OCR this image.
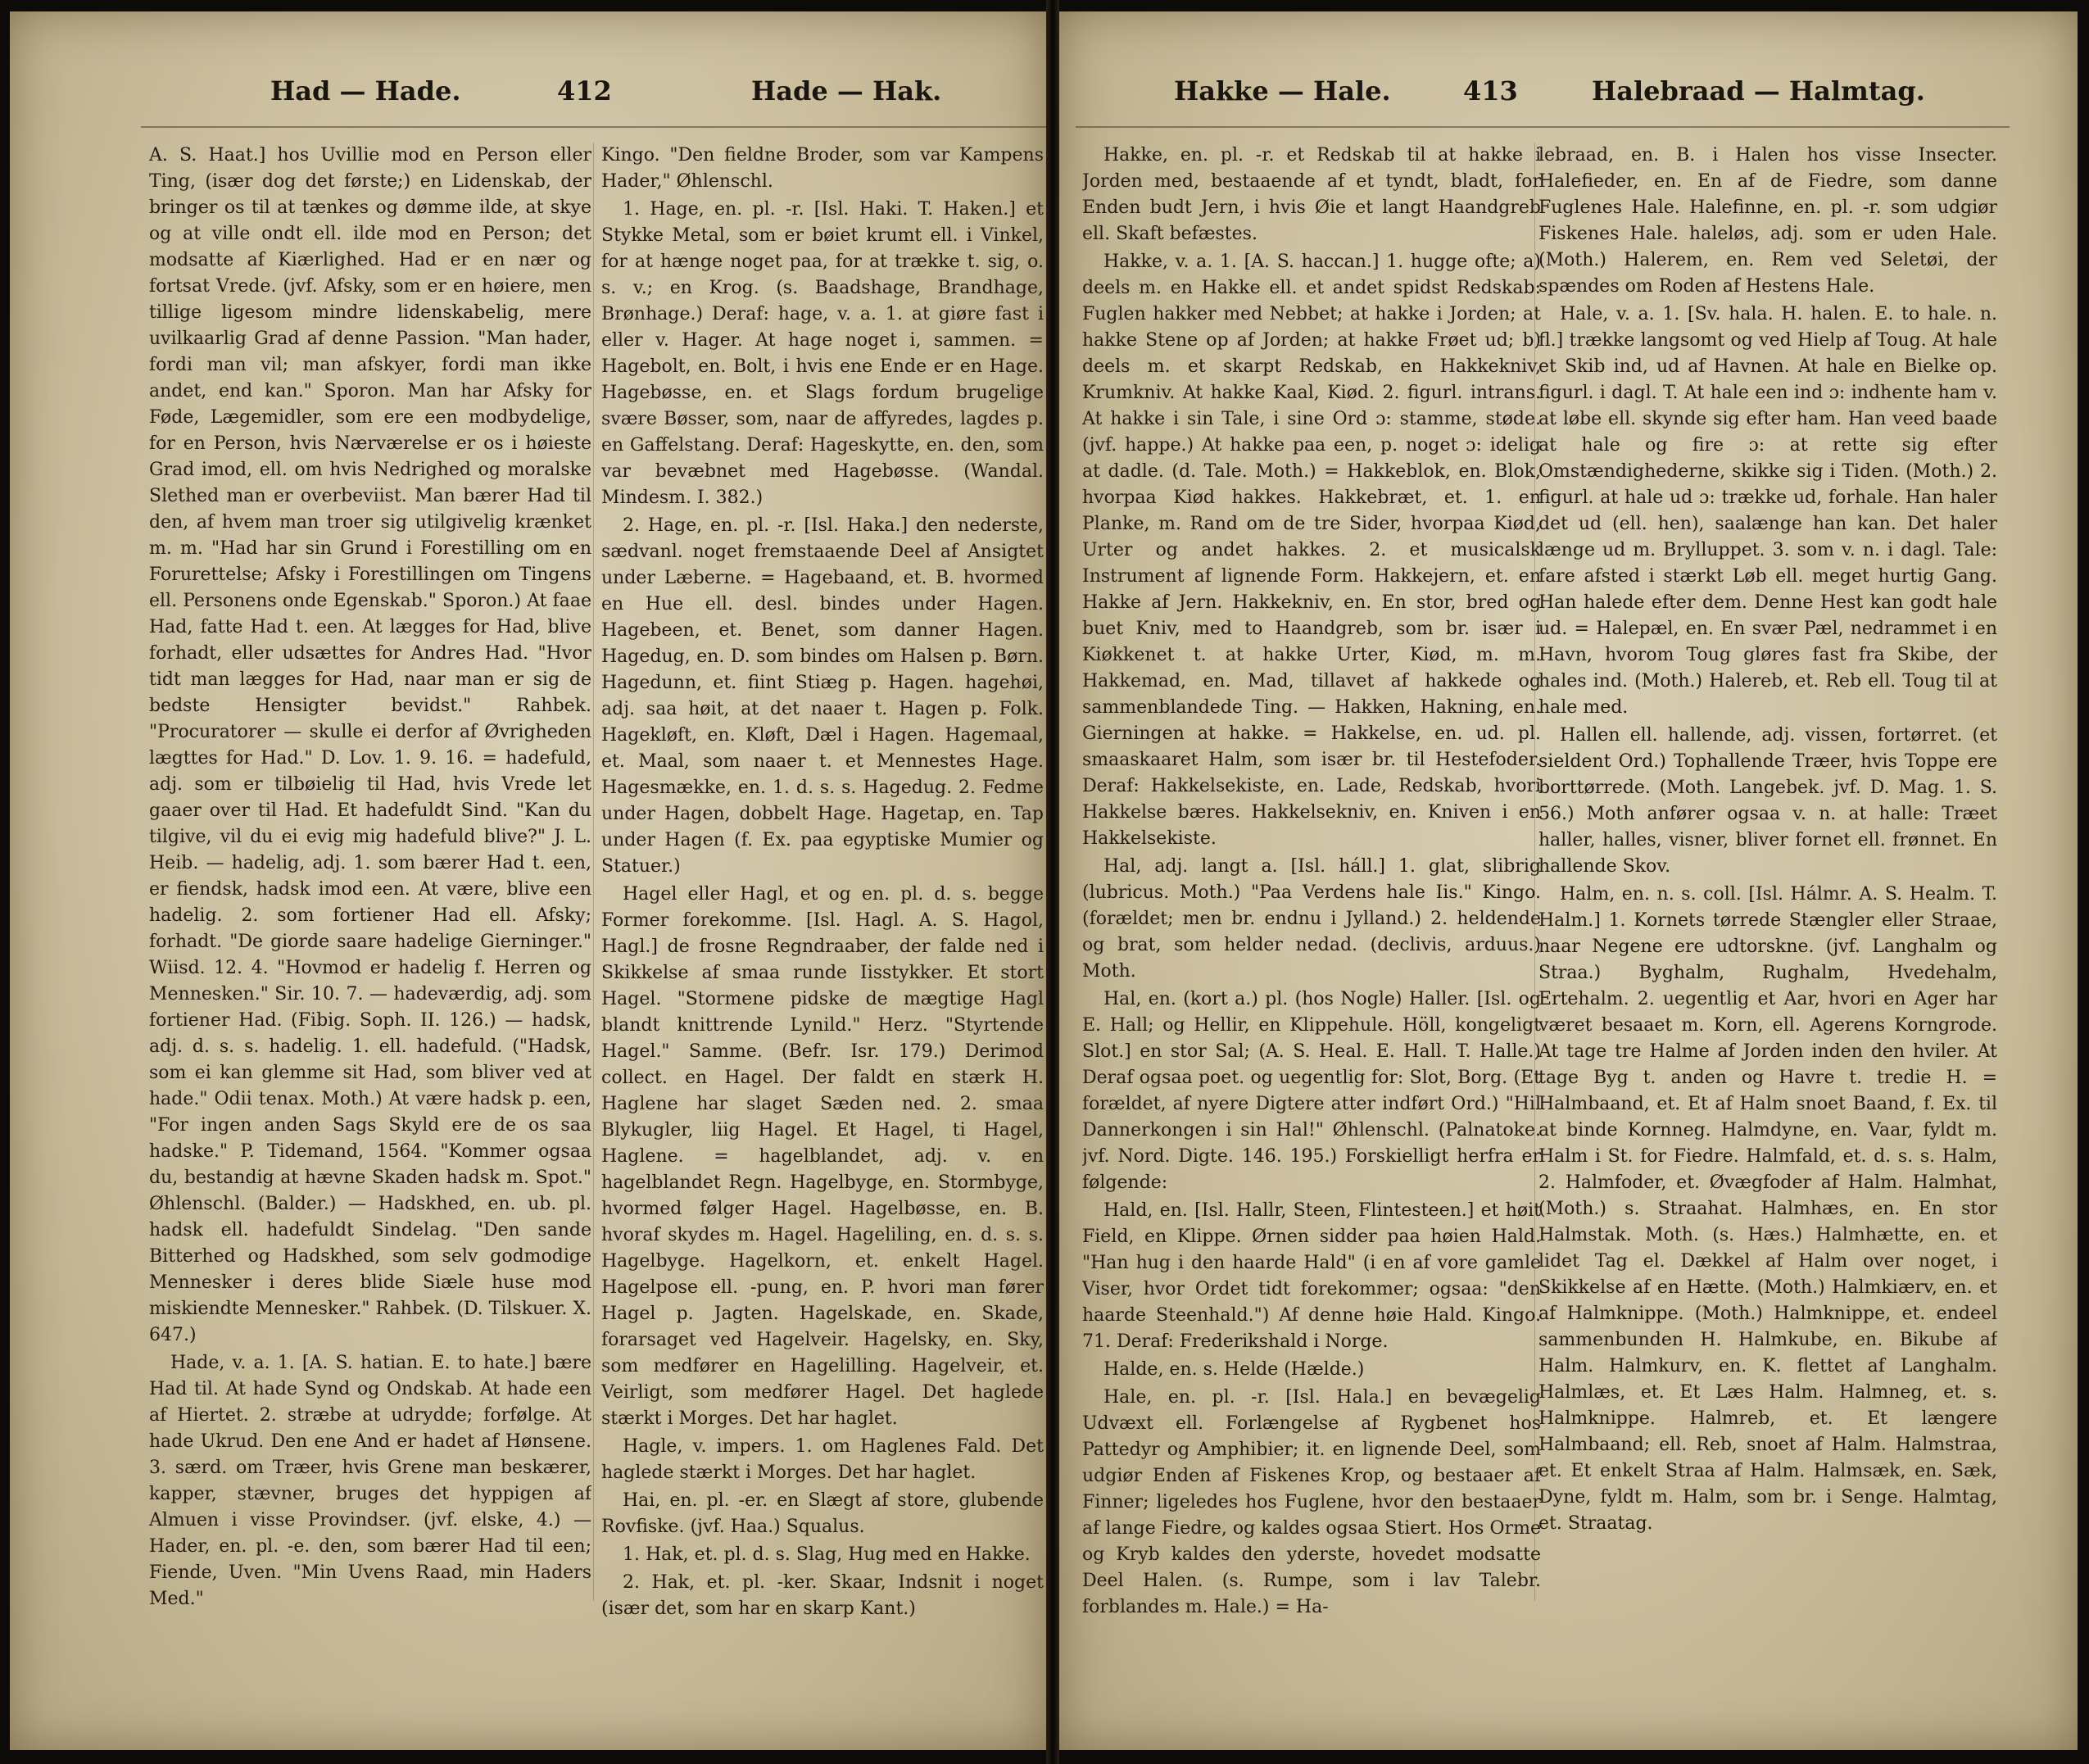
Had — Hade.	412	Hade — Hak.

A. S. Haat.] hos Uvillie mod en Person eller Ting, (især dog det første;) en Lidenskab, der bringer os til at tænkes og dømme ilde, at skye og at ville ondt ell. ilde mod en Person; det modsatte af Kiærlighed. Had er en nær og fortsat Vrede. (jvf. Afsky, som er en høiere, men tillige ligesom mindre lidenskabelig, mere uvilkaarlig Grad af denne Passion. "Man hader, fordi man vil; man afskyer, fordi man ikke andet, end kan." Sporon. Man har Afsky for Føde, Lægemidler, som ere een modbydelige, for en Person, hvis Nærværelse er os i høieste Grad imod, ell. om hvis Nedrighed og moralske Slethed man er overbeviist. Man bærer Had til den, af hvem man troer sig utilgivelig krænket m. m. "Had har sin Grund i Forestilling om en Forurettelse; Afsky i Forestillingen om Tingens ell. Personens onde Egenskab." Sporon.) At faae Had, fatte Had t. een. At lægges for Had, blive forhadt, eller udsættes for Andres Had. "Hvor tidt man lægges for Had, naar man er sig de bedste Hensigter bevidst." Rahbek. "Procuratorer — skulle ei derfor af Øvrigheden lægttes for Had." D. Lov. 1. 9. 16. = hadefuld, adj. som er tilbøielig til Had, hvis Vrede let gaaer over til Had. Et hadefuldt Sind. "Kan du tilgive, vil du ei evig mig hadefuld blive?" J. L. Heib. — hadelig, adj. 1. som bærer Had t. een, er fiendsk, hadsk imod een. At være, blive een hadelig. 2. som fortiener Had ell. Afsky; forhadt. "De giorde saare hadelige Gierninger." Wiisd. 12. 4. "Hovmod er hadelig f. Herren og Mennesken." Sir. 10. 7. — hadeværdig, adj. som fortiener Had. (Fibig. Soph. II. 126.) — hadsk, adj. d. s. s. hadelig. 1. ell. hadefuld. ("Hadsk, som ei kan glemme sit Had, som bliver ved at hade." Odii tenax. Moth.) At være hadsk p. een, "For ingen anden Sags Skyld ere de os saa hadske." P. Tidemand, 1564. "Kommer ogsaa du, bestandig at hævne Skaden hadsk m. Spot." Øhlenschl. (Balder.) — Hadskhed, en. ub. pl. hadsk ell. hadefuldt Sindelag. "Den sande Bitterhed og Hadskhed, som selv godmodige Mennesker i deres blide Siæle huse mod miskiendte Mennesker." Rahbek. (D. Tilskuer. X. 647.)

Hade, v. a. 1. [A. S. hatian. E. to hate.] bære Had til. At hade Synd og Ondskab. At hade een af Hiertet. 2. stræbe at udrydde; forfølge. At hade Ukrud. Den ene And er hadet af Hønsene. 3. særd. om Træer, hvis Grene man beskærer, kapper, stævner, bruges det hyppigen af Almuen i visse Provindser. (jvf. elske, 4.) — Hader, en. pl. -e. den, som bærer Had til een; Fiende, Uven. "Min Uvens Raad, min Haders Med."

Kingo. "Den fieldne Broder, som var Kampens Hader," Øhlenschl.

1. Hage, en. pl. -r. [Isl. Haki. T. Haken.] et Stykke Metal, som er bøiet krumt ell. i Vinkel, for at hænge noget paa, for at trække t. sig, o. s. v.; en Krog. (s. Baadshage, Brandhage, Brønhage.) Deraf: hage, v. a. 1. at giøre fast i eller v. Hager. At hage noget i, sammen. = Hagebolt, en. Bolt, i hvis ene Ende er en Hage. Hagebøsse, en. et Slags fordum brugelige svære Bøsser, som, naar de affyredes, lagdes p. en Gaffelstang. Deraf: Hageskytte, en. den, som var bevæbnet med Hagebøsse. (Wandal. Mindesm. I. 382.)

2. Hage, en. pl. -r. [Isl. Haka.] den nederste, sædvanl. noget fremstaaende Deel af Ansigtet under Læberne. = Hagebaand, et. B. hvormed en Hue ell. desl. bindes under Hagen. Hagebeen, et. Benet, som danner Hagen. Hagedug, en. D. som bindes om Halsen p. Børn. Hagedunn, et. fiint Stiæg p. Hagen. hagehøi, adj. saa høit, at det naaer t. Hagen p. Folk. Hagekløft, en. Kløft, Dæl i Hagen. Hagemaal, et. Maal, som naaer t. et Mennestes Hage. Hagesmække, en. 1. d. s. s. Hagedug. 2. Fedme under Hagen, dobbelt Hage. Hagetap, en. Tap under Hagen (f. Ex. paa egyptiske Mumier og Statuer.)

Hagel eller Hagl, et og en. pl. d. s. begge Former forekomme. [Isl. Hagl. A. S. Hagol, Hagl.] de frosne Regndraaber, der falde ned i Skikkelse af smaa runde Iisstykker. Et stort Hagel. "Stormene pidske de mægtige Hagl blandt knittrende Lynild." Herz. "Styrtende Hagel." Samme. (Befr. Isr. 179.) Derimod collect. en Hagel. Der faldt en stærk H. Haglene har slaget Sæden ned. 2. smaa Blykugler, liig Hagel. Et Hagel, ti Hagel, Haglene. = hagelblandet, adj. v. en hagelblandet Regn. Hagelbyge, en. Stormbyge, hvormed følger Hagel. Hagelbøsse, en. B. hvoraf skydes m. Hagel. Hageliling, en. d. s. s. Hagelbyge. Hagelkorn, et. enkelt Hagel. Hagelpose ell. -pung, en. P. hvori man fører Hagel p. Jagten. Hagelskade, en. Skade, forarsaget ved Hagelveir. Hagelsky, en. Sky, som medfører en Hagelilling. Hagelveir, et. Veirligt, som medfører Hagel. Det haglede stærkt i Morges. Det har haglet.

Hagle, v. impers. 1. om Haglenes Fald. Det haglede stærkt i Morges. Det har haglet.

Hai, en. pl. -er. en Slægt af store, glubende Rovfiske. (jvf. Haa.) Squalus.

1. Hak, et. pl. d. s. Slag, Hug med en Hakke.

2. Hak, et. pl. -ker. Skaar, Indsnit i noget (især det, som har en skarp Kant.)

Hakke — Hale.	413	Halebraad — Halmtag.

Hakke, en. pl. -r. et Redskab til at hakke i Jorden med, bestaaende af et tyndt, bladt, for Enden budt Jern, i hvis Øie et langt Haandgreb ell. Skaft befæstes.

Hakke, v. a. 1. [A. S. haccan.] 1. hugge ofte; a) deels m. en Hakke ell. et andet spidst Redskab: Fuglen hakker med Nebbet; at hakke i Jorden; at hakke Stene op af Jorden; at hakke Frøet ud; b) deels m. et skarpt Redskab, en Hakkekniv, Krumkniv. At hakke Kaal, Kiød. 2. figurl. intrans. At hakke i sin Tale, i sine Ord ɔ: stamme, støde. (jvf. happe.) At hakke paa een, p. noget ɔ: idelig at dadle. (d. Tale. Moth.) = Hakkeblok, en. Blok, hvorpaa Kiød hakkes. Hakkebræt, et. 1. en Planke, m. Rand om de tre Sider, hvorpaa Kiød, Urter og andet hakkes. 2. et musicalsk Instrument af lignende Form. Hakkejern, et. en Hakke af Jern. Hakkekniv, en. En stor, bred og buet Kniv, med to Haandgreb, som br. især i Kiøkkenet t. at hakke Urter, Kiød, m. m. Hakkemad, en. Mad, tillavet af hakkede og sammenblandede Ting. — Hakken, Hakning, en. Gierningen at hakke. = Hakkelse, en. ud. pl. smaaskaaret Halm, som især br. til Hestefoder. Deraf: Hakkelsekiste, en. Lade, Redskab, hvori Hakkelse bæres. Hakkelsekniv, en. Kniven i en Hakkelsekiste.

Hal, adj. langt a. [Isl. háll.] 1. glat, slibrig (lubricus. Moth.) "Paa Verdens hale Iis." Kingo. (forældet; men br. endnu i Jylland.) 2. heldende og brat, som helder nedad. (declivis, arduus.) Moth.

Hal, en. (kort a.) pl. (hos Nogle) Haller. [Isl. og E. Hall; og Hellir, en Klippehule. Höll, kongeligt Slot.] en stor Sal; (A. S. Heal. E. Hall. T. Halle.) Deraf ogsaa poet. og uegentlig for: Slot, Borg. (Et forældet, af nyere Digtere atter indført Ord.) "Hil Dannerkongen i sin Hal!" Øhlenschl. (Palnatoke. jvf. Nord. Digte. 146. 195.) Forskielligt herfra er følgende:

Hald, en. [Isl. Hallr, Steen, Flintesteen.] et høit Field, en Klippe. Ørnen sidder paa høien Hald. "Han hug i den haarde Hald" (i en af vore gamle Viser, hvor Ordet tidt forekommer; ogsaa: "den haarde Steenhald.") Af denne høie Hald. Kingo. 71. Deraf: Frederikshald i Norge.

Halde, en. s. Helde (Hælde.)

Hale, en. pl. -r. [Isl. Hala.] en bevægelig Udvæxt ell. Forlængelse af Rygbenet hos Pattedyr og Amphibier; it. en lignende Deel, som udgiør Enden af Fiskenes Krop, og bestaaer af Finner; ligeledes hos Fuglene, hvor den bestaaer af lange Fiedre, og kaldes ogsaa Stiert. Hos Orme og Kryb kaldes den yderste, hovedet modsatte Deel Halen. (s. Rumpe, som i lav Talebr. forblandes m. Hale.) = Ha-

lebraad, en. B. i Halen hos visse Insecter. Halefieder, en. En af de Fiedre, som danne Fuglenes Hale. Halefinne, en. pl. -r. som udgiør Fiskenes Hale. haleløs, adj. som er uden Hale. (Moth.) Halerem, en. Rem ved Seletøi, der spændes om Roden af Hestens Hale.

Hale, v. a. 1. [Sv. hala. H. halen. E. to hale. n. fl.] trække langsomt og ved Hielp af Toug. At hale et Skib ind, ud af Havnen. At hale en Bielke op. figurl. i dagl. T. At hale een ind ɔ: indhente ham v. at løbe ell. skynde sig efter ham. Han veed baade at hale og fire ɔ: at rette sig efter Omstændighederne, skikke sig i Tiden. (Moth.) 2. figurl. at hale ud ɔ: trække ud, forhale. Han haler det ud (ell. hen), saalænge han kan. Det haler længe ud m. Brylluppet. 3. som v. n. i dagl. Tale: fare afsted i stærkt Løb ell. meget hurtig Gang. Han halede efter dem. Denne Hest kan godt hale ud. = Halepæl, en. En svær Pæl, nedrammet i en Havn, hvorom Toug gløres fast fra Skibe, der hales ind. (Moth.) Halereb, et. Reb ell. Toug til at hale med.

Hallen ell. hallende, adj. vissen, fortørret. (et sieldent Ord.) Tophallende Træer, hvis Toppe ere borttørrede. (Moth. Langebek. jvf. D. Mag. 1. S. 56.) Moth anfører ogsaa v. n. at halle: Træet haller, halles, visner, bliver fornet ell. frønnet. En hallende Skov.

Halm, en. n. s. coll. [Isl. Hálmr. A. S. Healm. T. Halm.] 1. Kornets tørrede Stængler eller Straae, naar Negene ere udtorskne. (jvf. Langhalm og Straa.) Byghalm, Rughalm, Hvedehalm, Ertehalm. 2. uegentlig et Aar, hvori en Ager har været besaaet m. Korn, ell. Agerens Korngrode. At tage tre Halme af Jorden inden den hviler. At tage Byg t. anden og Havre t. tredie H. = Halmbaand, et. Et af Halm snoet Baand, f. Ex. til at binde Kornneg. Halmdyne, en. Vaar, fyldt m. Halm i St. for Fiedre. Halmfald, et. d. s. s. Halm, 2. Halmfoder, et. Øvægfoder af Halm. Halmhat, (Moth.) s. Straahat. Halmhæs, en. En stor Halmstak. Moth. (s. Hæs.) Halmhætte, en. et lidet Tag el. Dækkel af Halm over noget, i Skikkelse af en Hætte. (Moth.) Halmkiærv, en. et af Halmknippe. (Moth.) Halmknippe, et. endeel sammenbunden H. Halmkube, en. Bikube af Halm. Halmkurv, en. K. flettet af Langhalm. Halmlæs, et. Et Læs Halm. Halmneg, et. s. Halmknippe. Halmreb, et. Et længere Halmbaand; ell. Reb, snoet af Halm. Halmstraa, et. Et enkelt Straa af Halm. Halmsæk, en. Sæk, Dyne, fyldt m. Halm, som br. i Senge. Halmtag, et. Straatag.
